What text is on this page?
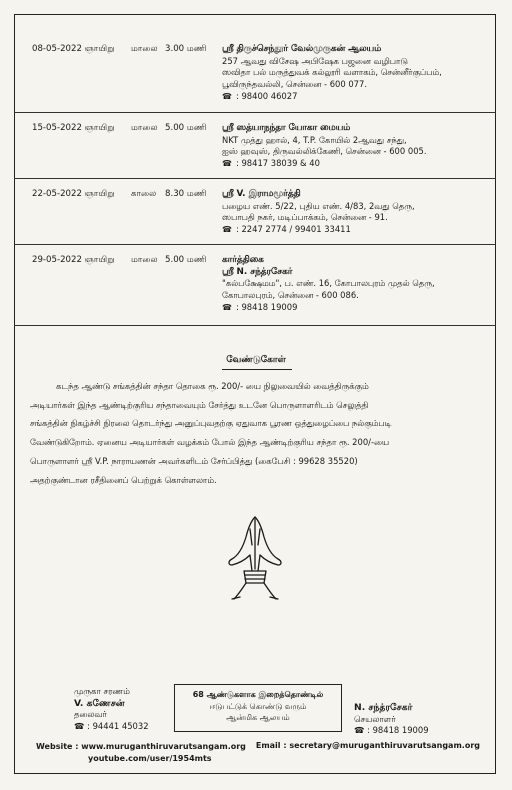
08-05-2022 ஞாயிறு மாலை 3.00 மணி ஸ்ரீ திருச்செந்தூர் வேல்முருகன் ஆலயம்
257 ஆவது விசேஷ அபிஷேக பஜனை வழிபாடு
ஸவிதா பல் மருத்துவக் கல்லூரி வளாகம், சென்னீர்குப்பம்,
பூவிருந்தவல்லி, சென்னை - 600 077.
☎ : 98400 46027
15-05-2022 ஞாயிறு மாலை 5.00 மணி ஸ்ரீ ஸத்யாநந்தா யோகா மையம்
NKT முத்து ஹால், 4, T.P. கோயில் 2ஆவது சந்து,
ஐஸ் ஹவுஸ், திருவல்லிக்கேணி, சென்னை - 600 005.
☎ : 98417 38039 & 40
22-05-2022 ஞாயிறு காலை 8.30 மணி ஸ்ரீ V. இராமமூர்த்தி
பழைய எண். 5/22, புதிய எண். 4/83, 2வது தெரு,
ஸபாபதி நகர், மடிப்பாக்கம், சென்னை - 91.
☎ : 2247 2774 / 99401 33411
29-05-2022 ஞாயிறு மாலை 5.00 மணி கார்த்திகை
ஸ்ரீ N. சந்த்ரசேகர்
"கல்பக்ஷேமம", ப. எண். 16, கோபாலபுரம் முதல் தெரு,
கோபாலபுரம், சென்னை - 600 086.
☎ : 98418 19009
வேண்டுகோள்
கடந்த ஆண்டு சங்கத்தின் சந்தா தொகை ரூ. 200/- யை நிலுவையில் வைத்திருக்கும்
அடியார்கள் இந்த ஆண்டிற்குரிய சந்தாவையும் சேர்த்து உடனே பொருளாளரிடம் செலுத்தி
சங்கத்தின் நிகழ்ச்சி நிரலை தொடர்ந்து அனுப்புவதற்கு ஏதுவாக பூரண ஒத்துழைப்பை நல்கும்படி
வேண்டுகிறோம். ஏனைய அடியார்கள் வழக்கம் போல் இந்த ஆண்டிற்குரிய சந்தா ரூ. 200/-யை
பொருளாளர் ஸ்ரீ V.P. நாராயணன் அவர்களிடம் சேர்ப்பித்து (கைபேசி : 99628 35520)
அதற்குண்டான ரசீதினைப் பெற்றுக் கொள்ளலாம்.
முருகா சரணம்
V. கணேசன்
தலைவர்
☎ : 94441 45032
68 ஆண்டுகளாக இறைத்தொண்டில்
ஈடுபட்டுக் கொண்டு வரும்
ஆன்மிக ஆலயம்
N. சந்த்ரசேகர்
செயலாளர்
☎ : 98418 19009
Website : www.muruganthiruvarutsangam.org
youtube.com/user/1954mts
Email : secretary@muruganthiruvarutsangam.org
